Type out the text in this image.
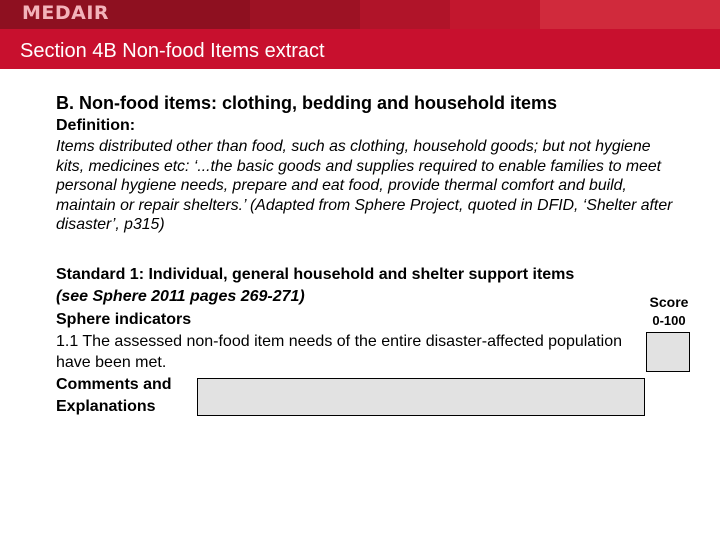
MEDAIR
Section 4B Non-food Items extract
B. Non-food items: clothing, bedding and household items
Definition:
Items distributed other than food, such as clothing, household goods; but not hygiene kits, medicines etc: ‘...the basic goods and supplies required to enable families to meet personal hygiene needs, prepare and eat food, provide thermal comfort and build, maintain or repair shelters.’ (Adapted from Sphere Project, quoted in DFID, ‘Shelter after disaster’, p315)
Standard 1: Individual, general household and shelter support items
(see Sphere 2011 pages 269-271)	Score
0-100
Sphere indicators
1.1 The assessed non-food item needs of the entire disaster-affected population have been met.
Comments and Explanations
